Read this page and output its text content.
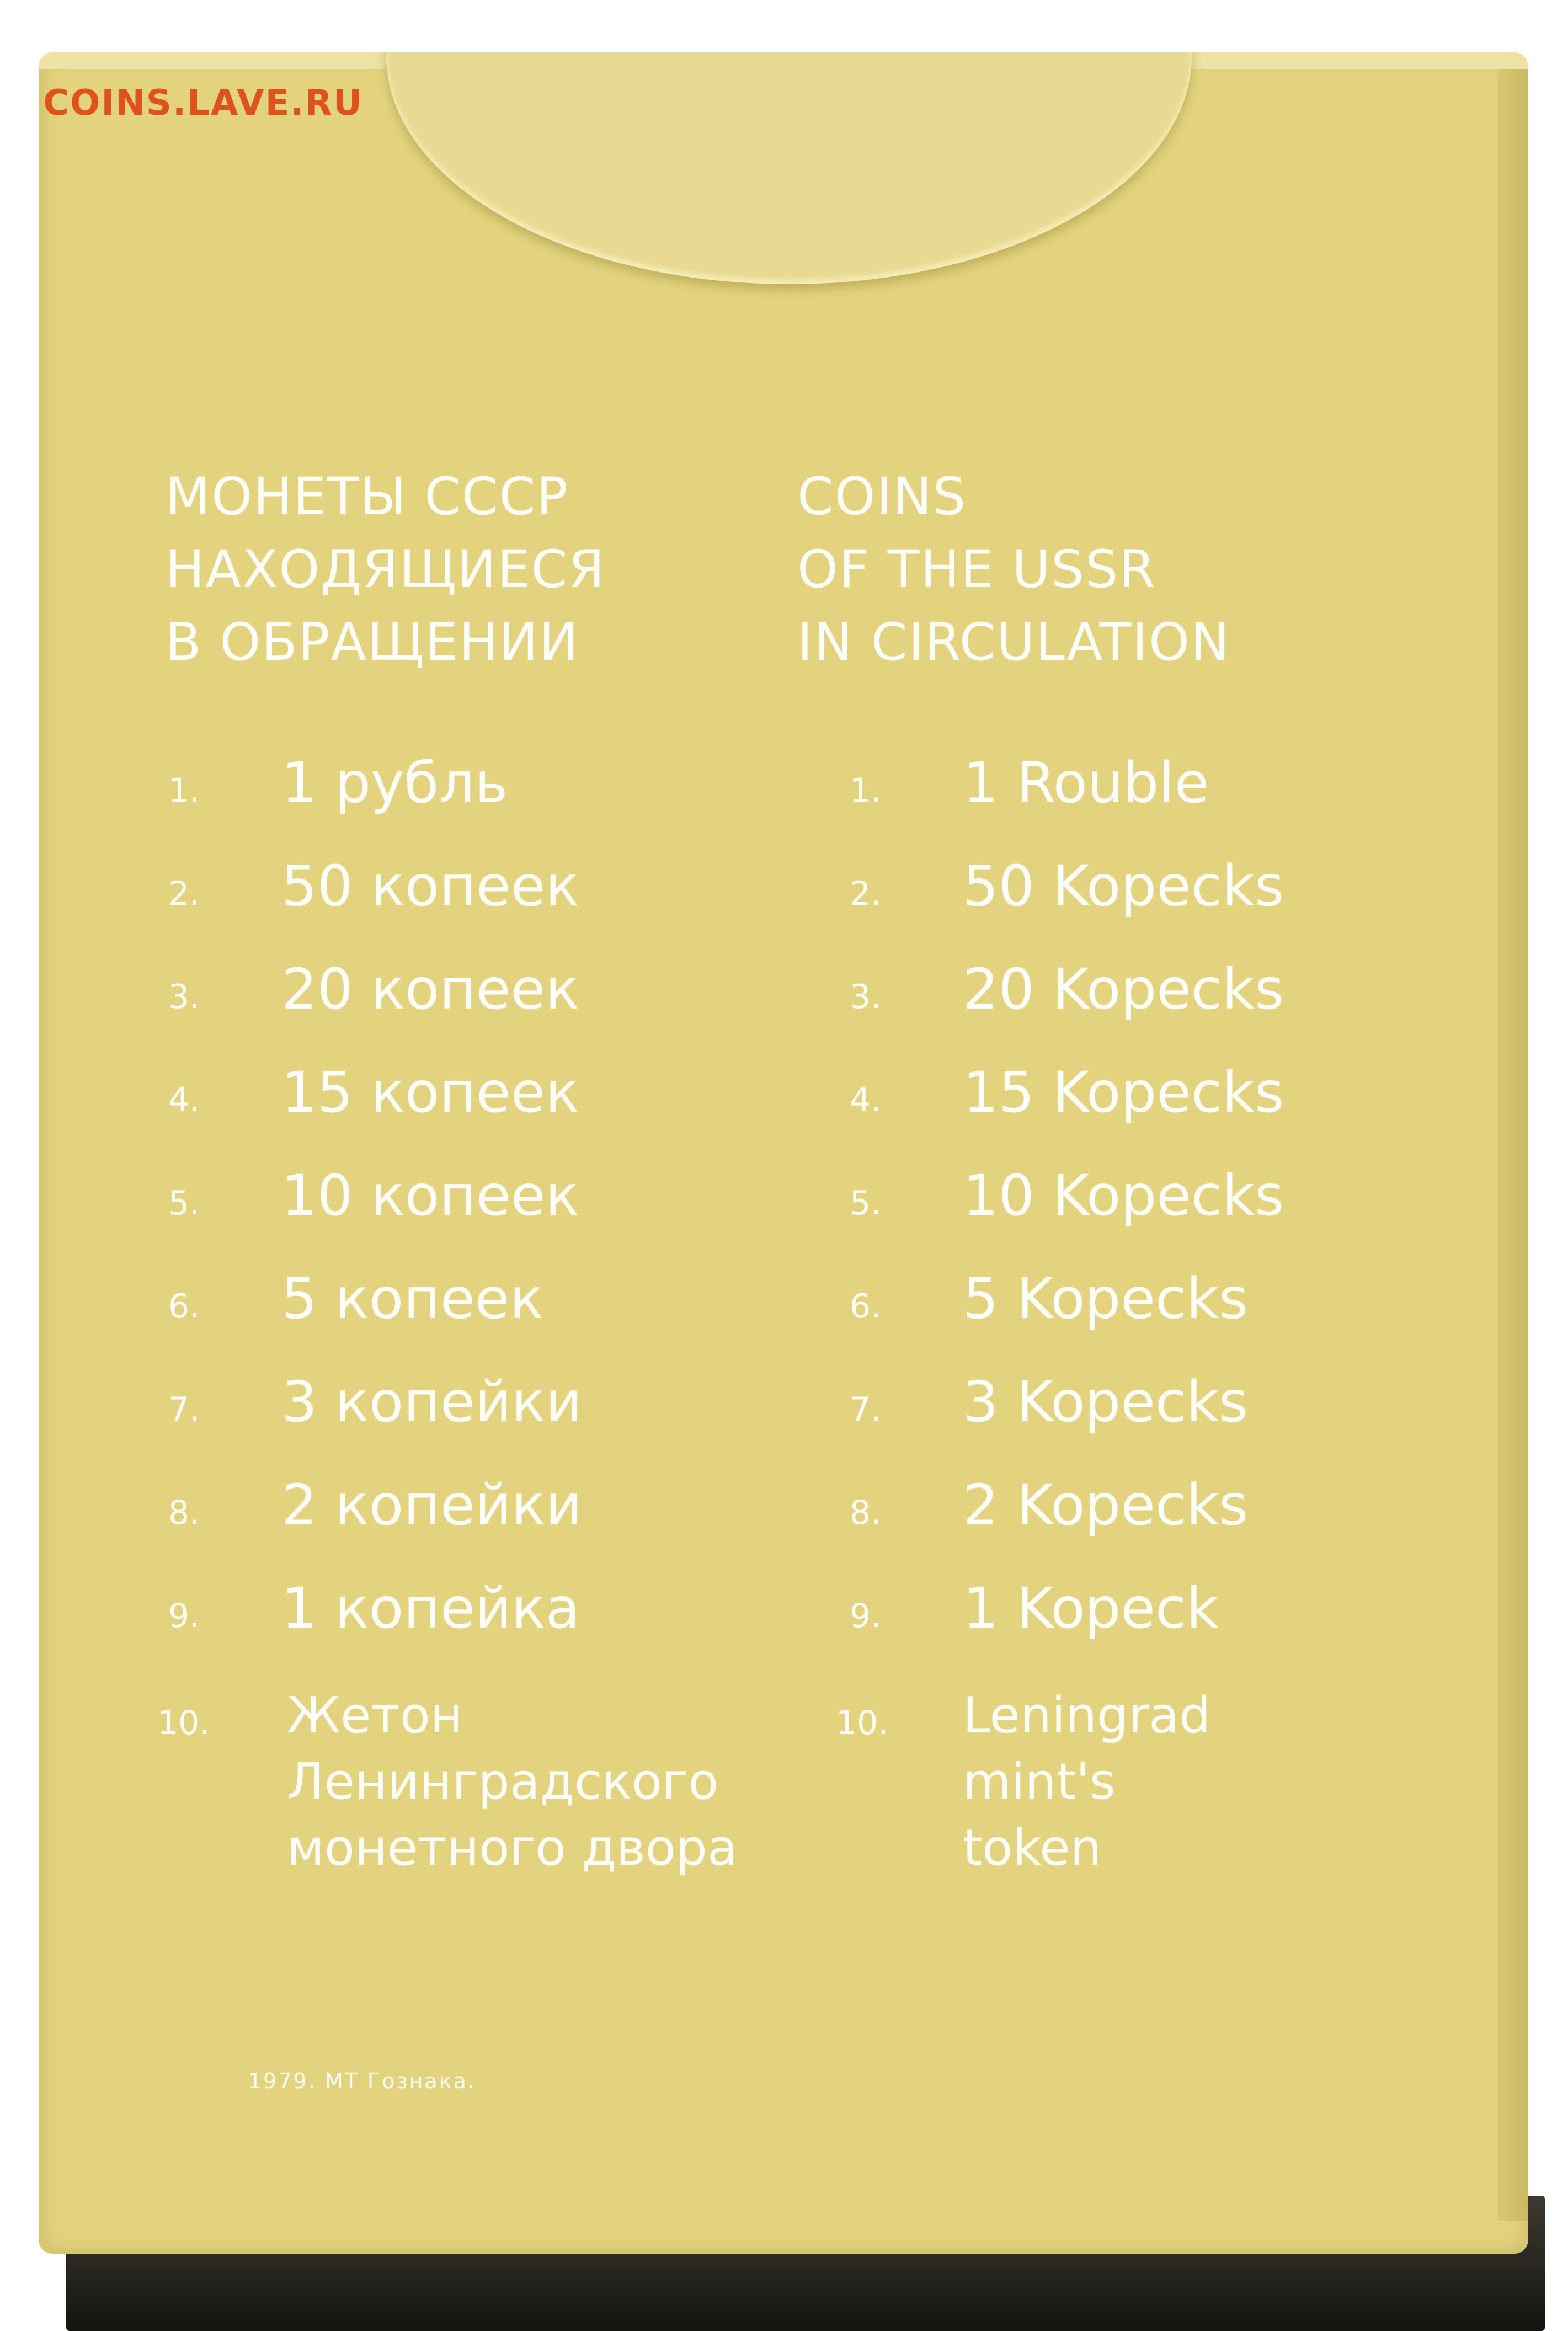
COINS.LAVE.RU
МОНЕТЫ СССР
НАХОДЯЩИЕСЯ
В ОБРАЩЕНИИ
COINS
OF THE USSR
IN CIRCULATION
1. 1 рубль
2. 50 копеек
3. 20 копеек
4. 15 копеек
5. 10 копеек
6. 5 копеек
7. 3 копейки
8. 2 копейки
9. 1 копейка
1. 1 Rouble
2. 50 Kopecks
3. 20 Kopecks
4. 15 Kopecks
5. 10 Kopecks
6. 5 Kopecks
7. 3 Kopecks
8. 2 Kopecks
9. 1 Kopeck
10. Жетон
Ленинградского
монетного двора
10. Leningrad
mint's
token
1979. МТ Гознака.
